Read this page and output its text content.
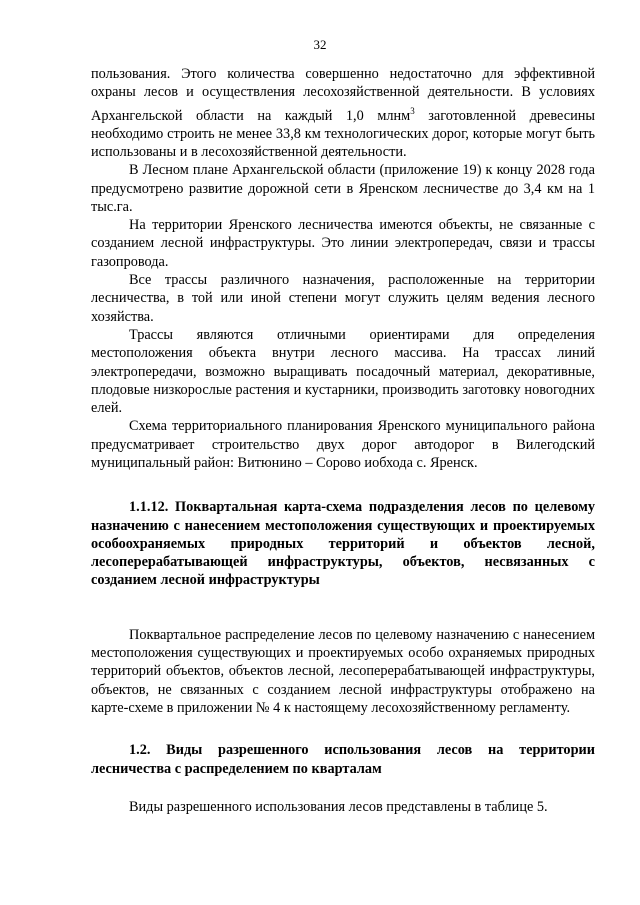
32

пользования. Этого количества совершенно недостаточно для эффективной охраны лесов и осуществления лесохозяйственной деятельности. В условиях Архангельской области на каждый 1,0 млнм$^3$ заготовленной древесины необходимо строить не менее 33,8 км технологических дорог, которые могут быть использованы и в лесохозяйственной деятельности.

В Лесном плане Архангельской области (приложение 19) к концу 2028 года предусмотрено развитие дорожной сети в Яренском лесничестве до 3,4 км на 1 тыс.га.

На территории Яренского лесничества имеются объекты, не связанные с созданием лесной инфраструктуры. Это линии электропередач, связи и трассы газопровода.

Все трассы различного назначения, расположенные на территории лесничества, в той или иной степени могут служить целям ведения лесного хозяйства.

Трассы являются отличными ориентирами для определения местоположения объекта внутри лесного массива. На трассах линий электропередачи, возможно выращивать посадочный материал, декоративные, плодовые низкорослые растения и кустарники, производить заготовку новогодних елей.

Схема территориального планирования Яренского муниципального района предусматривает строительство двух дорог автодорог в Вилегодский муниципальный район: Витюнино – Сорово иобхода с. Яренск.

1.1.12. Поквартальная карта-схема подразделения лесов по целевому назначению с нанесением местоположения существующих и проектируемых особоохраняемых природных территорий и объектов лесной, лесоперерабатывающей инфраструктуры, объектов, несвязанных с созданием лесной инфраструктуры

Поквартальное распределение лесов по целевому назначению с нанесением местоположения существующих и проектируемых особо охраняемых природных территорий объектов, объектов лесной, лесоперерабатывающей инфраструктуры, объектов, не связанных с созданием лесной инфраструктуры отображено на карте-схеме в приложении № 4 к настоящему лесохозяйственному регламенту.

1.2. Виды разрешенного использования лесов на территории лесничества с распределением по кварталам

Виды разрешенного использования лесов представлены в таблице 5.
